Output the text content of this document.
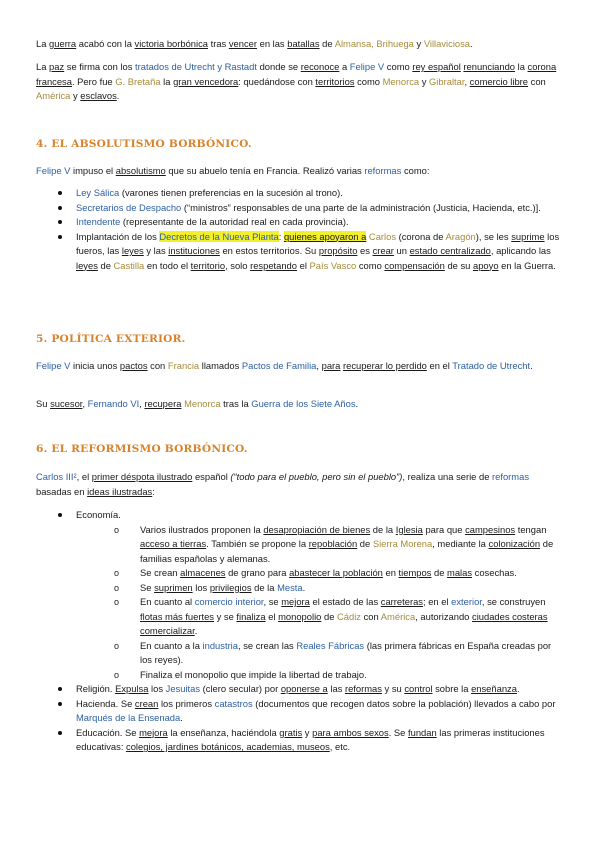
La guerra acabó con la victoria borbónica tras vencer en las batallas de Almansa, Brihuega y Villaviciosa.

La paz se firma con los tratados de Utrecht y Rastadt donde se reconoce a Felipe V como rey español renunciando la corona francesa. Pero fue G. Bretaña la gran vencedora: quedándose con territorios como Menorca y Gibraltar, comercio libre con América y esclavos.

4. EL ABSOLUTISMO BORBÓNICO.

Felipe V impuso el absolutismo que su abuelo tenía en Francia. Realizó varias reformas como:

Ley Sálica (varones tienen preferencias en la sucesión al trono).
Secretarios de Despacho (“ministros” responsables de una parte de la administración (Justicia, Hacienda, etc.)].
Intendente (representante de la autoridad real en cada provincia).
Implantación de los Decretos de la Nueva Planta: quienes apoyaron a Carlos (corona de Aragón), se les suprime los fueros, las leyes y las instituciones en estos territorios. Su propósito es crear un estado centralizado, aplicando las leyes de Castilla en todo el territorio, solo respetando el País Vasco como compensación de su apoyo en la Guerra.
5. POLÍTICA EXTERIOR.

Felipe V inicia unos pactos con Francia llamados Pactos de Familia, para recuperar lo perdido en el Tratado de Utrecht.

Su sucesor, Fernando VI, recupera Menorca tras la Guerra de los Siete Años.

6. EL REFORMISMO BORBÓNICO.

Carlos III², el primer déspota ilustrado español (“todo para el pueblo, pero sin el pueblo”), realiza una serie de reformas basadas en ideas ilustradas:

Economía.
o Varios ilustrados proponen la desapropiación de bienes de la Iglesia para que campesinos tengan acceso a tierras. También se propone la repoblación de Sierra Morena, mediante la colonización de familias españolas y alemanas.
o Se crean almacenes de grano para abastecer la población en tiempos de malas cosechas.
o Se suprimen los privilegios de la Mesta.
o En cuanto al comercio interior, se mejora el estado de las carreteras; en el exterior, se construyen flotas más fuertes y se finaliza el monopolio de Cádiz con América, autorizando ciudades costeras comercializar.
o En cuanto a la industria, se crean las Reales Fábricas (las primera fábricas en España creadas por los reyes).
o Finaliza el monopolio que impide la libertad de trabajo.
Religión. Expulsa los Jesuitas (clero secular) por oponerse a las reformas y su control sobre la enseñanza.
Hacienda. Se crean los primeros catastros (documentos que recogen datos sobre la población) llevados a cabo por Marqués de la Ensenada.
Educación. Se mejora la enseñanza, haciéndola gratis y para ambos sexos. Se fundan las primeras instituciones educativas: colegios, jardines botánicos, academias, museos, etc.
